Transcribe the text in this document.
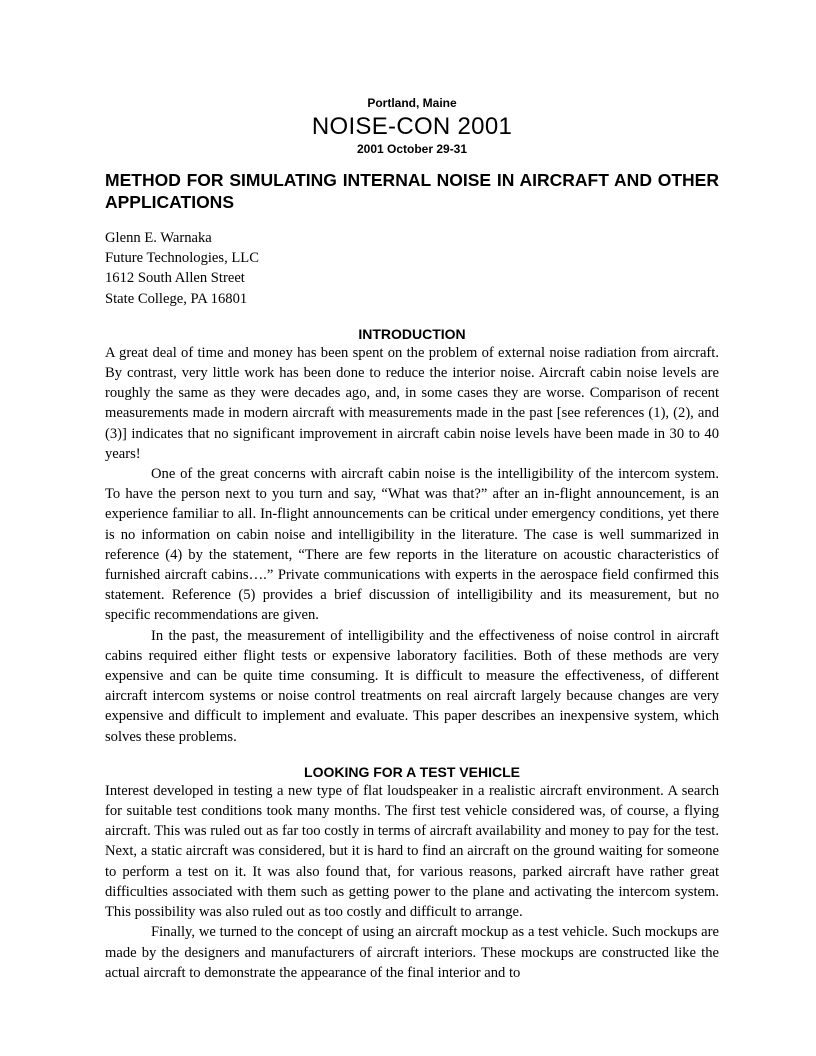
Portland, Maine
NOISE-CON 2001
2001 October 29-31
METHOD FOR SIMULATING INTERNAL NOISE IN AIRCRAFT AND OTHER APPLICATIONS
Glenn E. Warnaka
Future Technologies, LLC
1612 South Allen Street
State College, PA 16801
INTRODUCTION

A great deal of time and money has been spent on the problem of external noise radiation from aircraft. By contrast, very little work has been done to reduce the interior noise. Aircraft cabin noise levels are roughly the same as they were decades ago, and, in some cases they are worse. Comparison of recent measurements made in modern aircraft with measurements made in the past [see references (1), (2), and (3)] indicates that no significant improvement in aircraft cabin noise levels have been made in 30 to 40 years!

One of the great concerns with aircraft cabin noise is the intelligibility of the intercom system. To have the person next to you turn and say, “What was that?” after an in-flight announcement, is an experience familiar to all. In-flight announcements can be critical under emergency conditions, yet there is no information on cabin noise and intelligibility in the literature. The case is well summarized in reference (4) by the statement, “There are few reports in the literature on acoustic characteristics of furnished aircraft cabins….” Private communications with experts in the aerospace field confirmed this statement. Reference (5) provides a brief discussion of intelligibility and its measurement, but no specific recommendations are given.

In the past, the measurement of intelligibility and the effectiveness of noise control in aircraft cabins required either flight tests or expensive laboratory facilities. Both of these methods are very expensive and can be quite time consuming. It is difficult to measure the effectiveness, of different aircraft intercom systems or noise control treatments on real aircraft largely because changes are very expensive and difficult to implement and evaluate. This paper describes an inexpensive system, which solves these problems.

LOOKING FOR A TEST VEHICLE

Interest developed in testing a new type of flat loudspeaker in a realistic aircraft environment. A search for suitable test conditions took many months. The first test vehicle considered was, of course, a flying aircraft. This was ruled out as far too costly in terms of aircraft availability and money to pay for the test. Next, a static aircraft was considered, but it is hard to find an aircraft on the ground waiting for someone to perform a test on it. It was also found that, for various reasons, parked aircraft have rather great difficulties associated with them such as getting power to the plane and activating the intercom system. This possibility was also ruled out as too costly and difficult to arrange.

Finally, we turned to the concept of using an aircraft mockup as a test vehicle. Such mockups are made by the designers and manufacturers of aircraft interiors. These mockups are constructed like the actual aircraft to demonstrate the appearance of the final interior and to
